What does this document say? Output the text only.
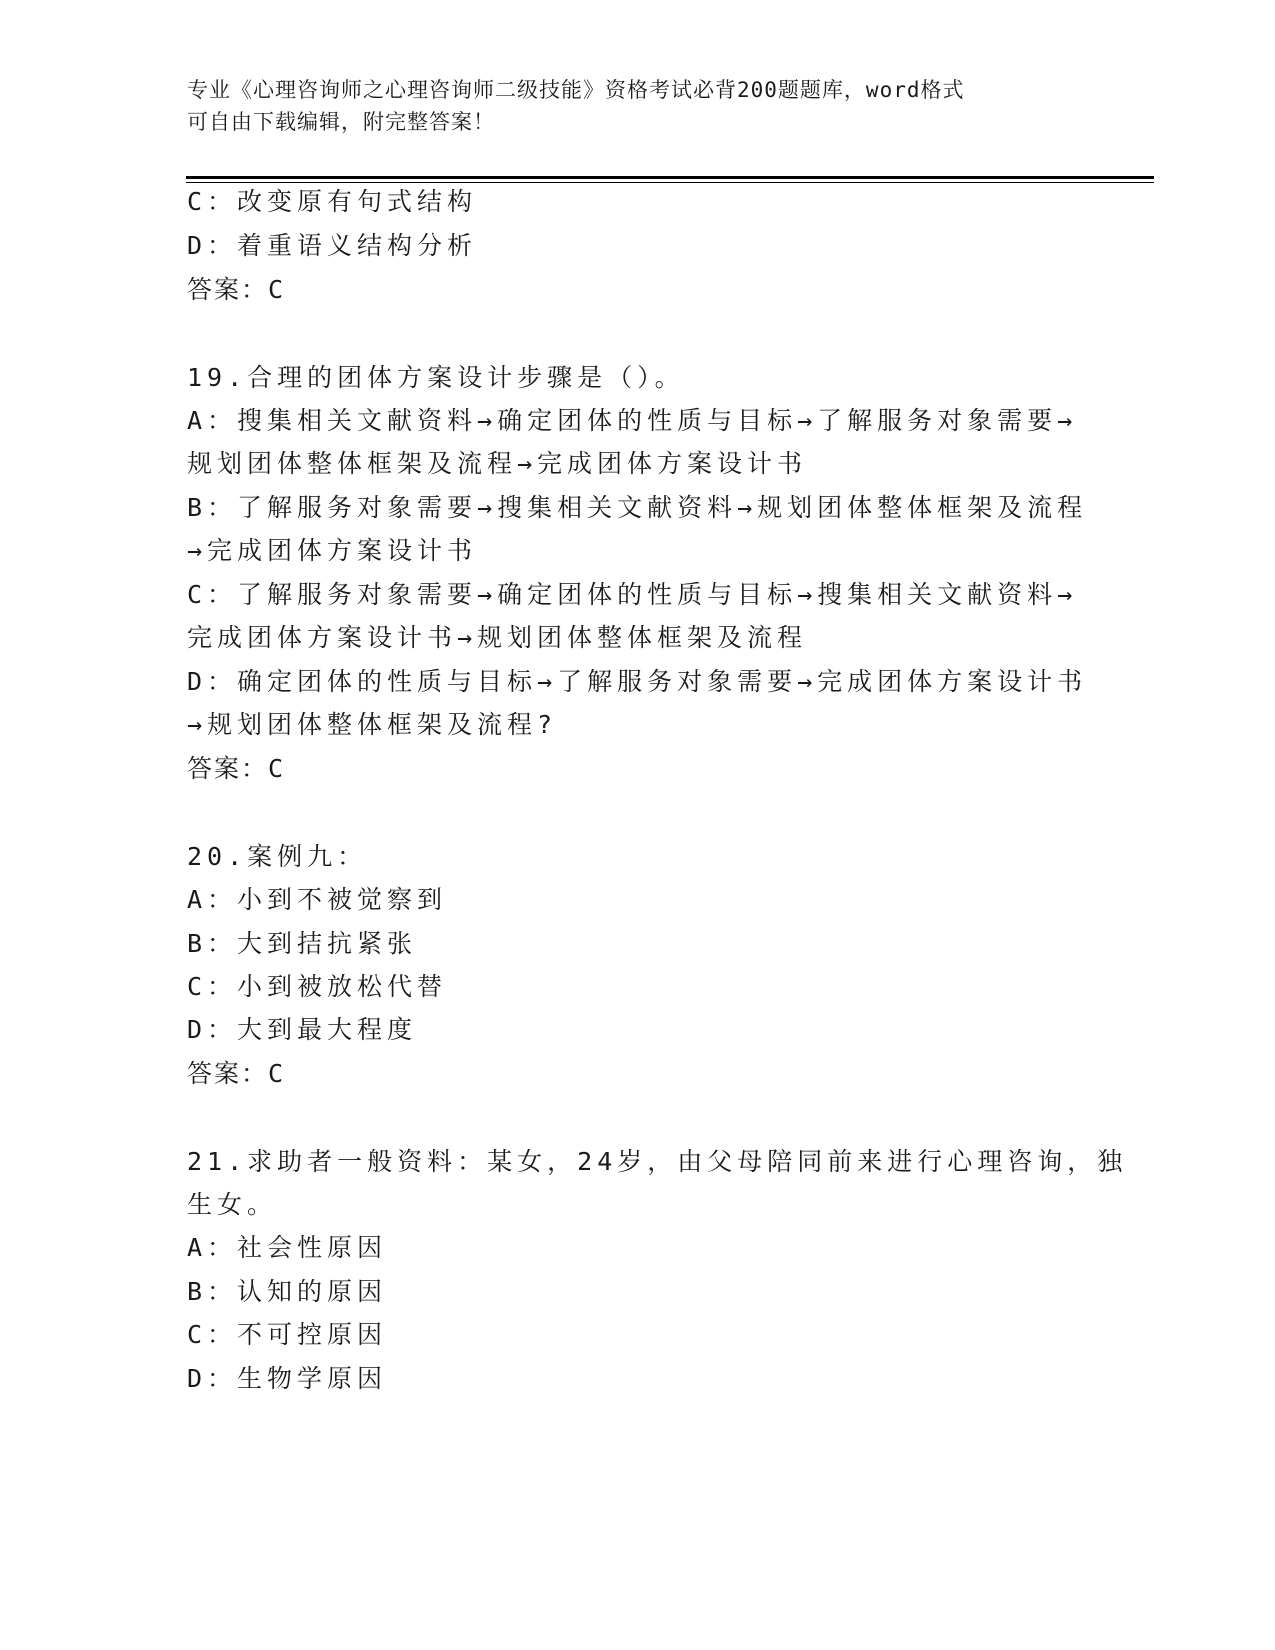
专业《心理咨询师之心理咨询师二级技能》资格考试必背200题题库，word格式
可自由下载编辑，附完整答案！
C：改变原有句式结构
D：着重语义结构分析
答案：C
19.合理的团体方案设计步骤是（）。
A：搜集相关文献资料→确定团体的性质与目标→了解服务对象需要→
规划团体整体框架及流程→完成团体方案设计书
B：了解服务对象需要→搜集相关文献资料→规划团体整体框架及流程
→完成团体方案设计书
C：了解服务对象需要→确定团体的性质与目标→搜集相关文献资料→
完成团体方案设计书→规划团体整体框架及流程
D：确定团体的性质与目标→了解服务对象需要→完成团体方案设计书
→规划团体整体框架及流程?
答案：C
20.案例九：
A：小到不被觉察到
B：大到拮抗紧张
C：小到被放松代替
D：大到最大程度
答案：C
21.求助者一般资料：某女，24岁，由父母陪同前来进行心理咨询，独
生女。
A：社会性原因
B：认知的原因
C：不可控原因
D：生物学原因
